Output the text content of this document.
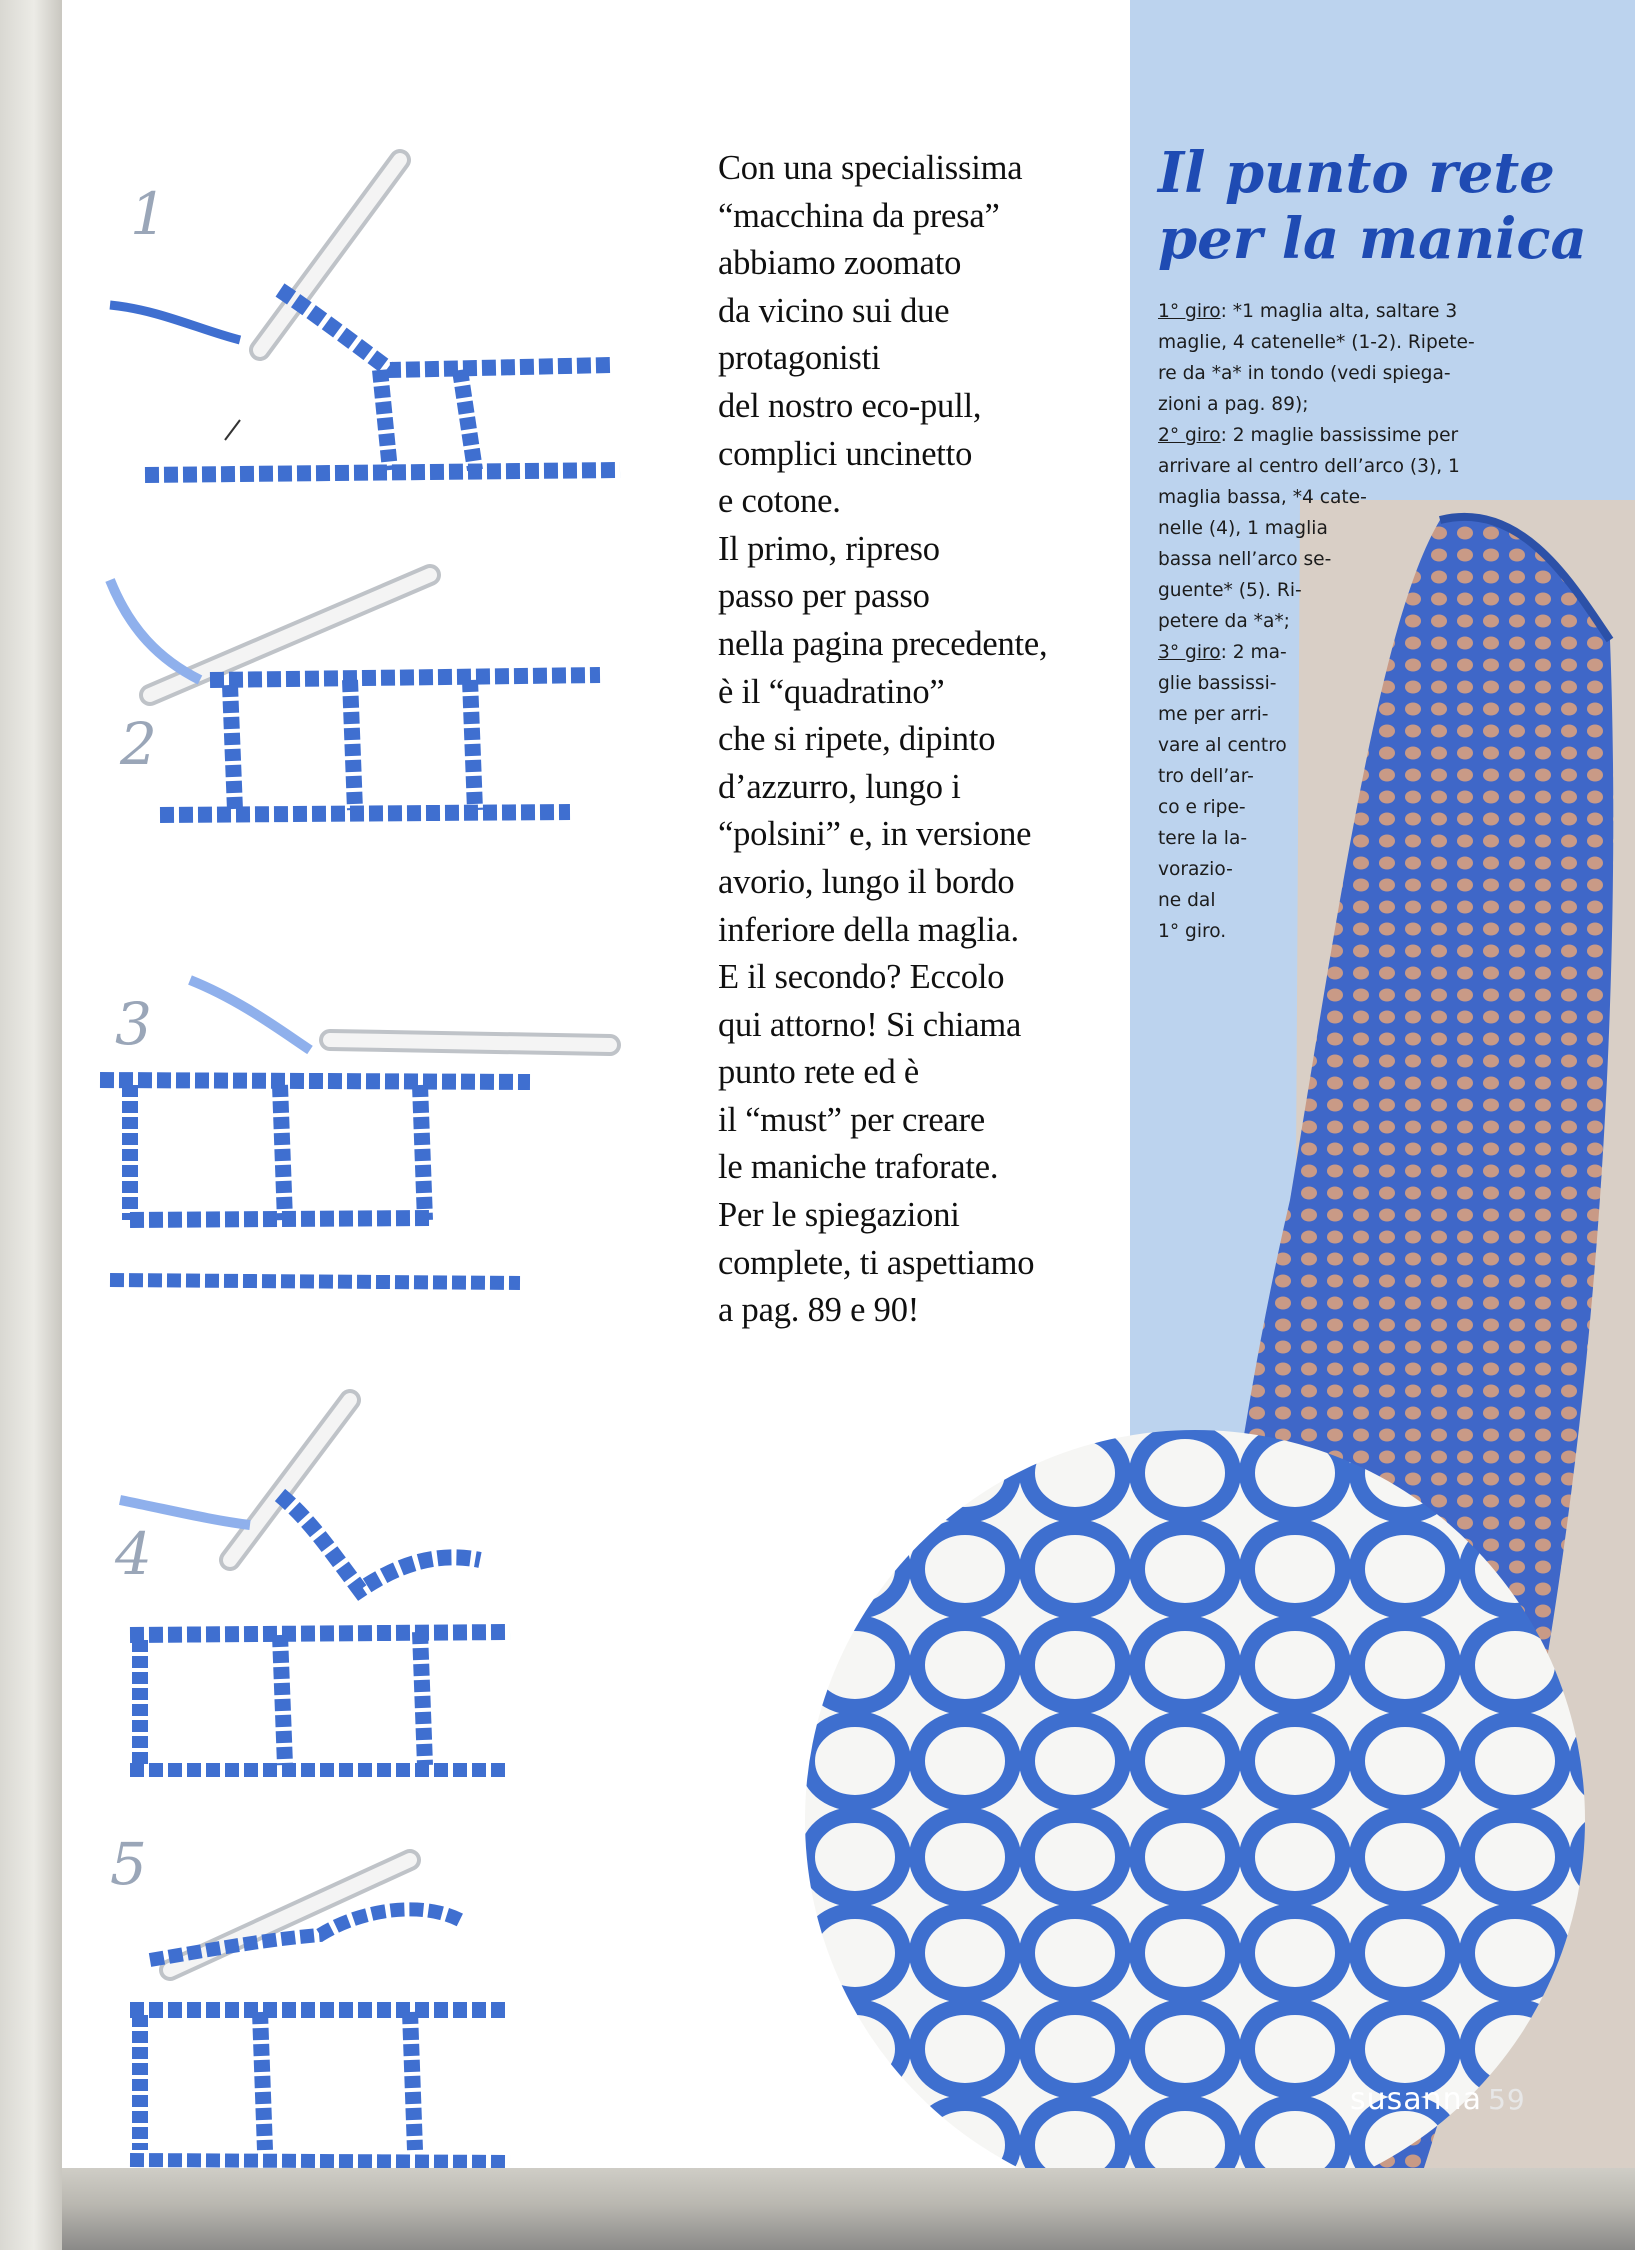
1
2
3
4
5
Con una specialissima
“macchina da presa”
abbiamo zoomato
da vicino sui due
protagonisti
del nostro eco-pull,
complici uncinetto
e cotone.
Il primo, ripreso
passo per passo
nella pagina precedente,
è il “quadratino”
che si ripete, dipinto
d’azzurro, lungo i
“polsini” e, in versione
avorio, lungo il bordo
inferiore della maglia.
E il secondo? Eccolo
qui attorno! Si chiama
punto rete ed è
il “must” per creare
le maniche traforate.
Per le spiegazioni
complete, ti aspettiamo
a pag. 89 e 90!
Il punto rete
per la manica
1° giro: *1 maglia alta, saltare 3
maglie, 4 catenelle* (1-2). Ripete-
re da *a* in tondo (vedi spiega-
zioni a pag. 89);
2° giro: 2 maglie bassissime per
arrivare al centro dell’arco (3), 1
maglia bassa, *4 cate-
nelle (4), 1 maglia
bassa nell’arco se-
guente* (5). Ri-
petere da *a*;
3° giro: 2 ma-
glie bassissi-
me per arri-
vare al centro
tro dell’ar-
co e ripe-
tere la la-
vorazio-
ne dal
1° giro.
susanna 59
